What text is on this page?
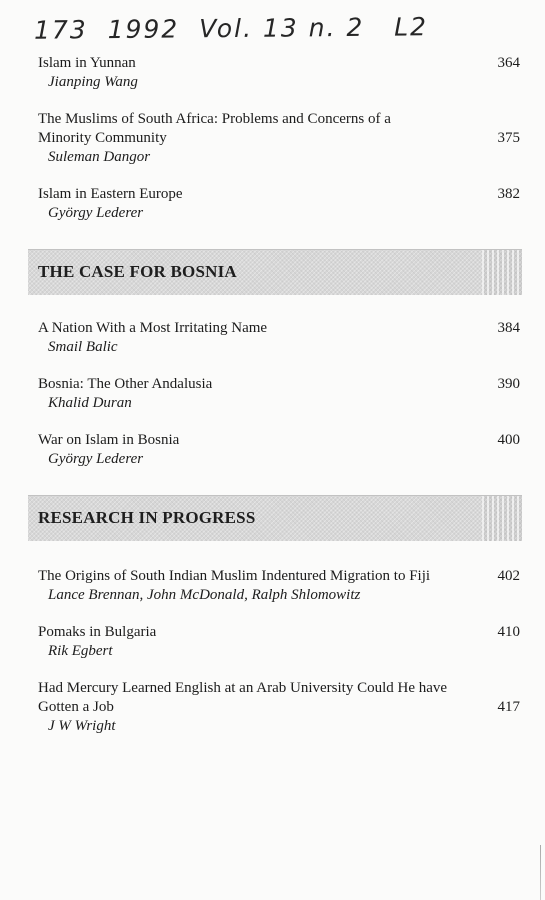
173  1992  Vol. 13 n. 2   L2
Islam in Yunnan
Jianping Wang
364
The Muslims of South Africa: Problems and Concerns of a Minority Community
Suleman Dangor
375
Islam in Eastern Europe
György Lederer
382
THE CASE FOR BOSNIA
A Nation With a Most Irritating Name
Smail Balic
384
Bosnia: The Other Andalusia
Khalid Duran
390
War on Islam in Bosnia
György Lederer
400
RESEARCH IN PROGRESS
The Origins of South Indian Muslim Indentured Migration to Fiji
Lance Brennan, John McDonald, Ralph Shlomowitz
402
Pomaks in Bulgaria
Rik Egbert
410
Had Mercury Learned English at an Arab University Could He have Gotten a Job
J W Wright
417
